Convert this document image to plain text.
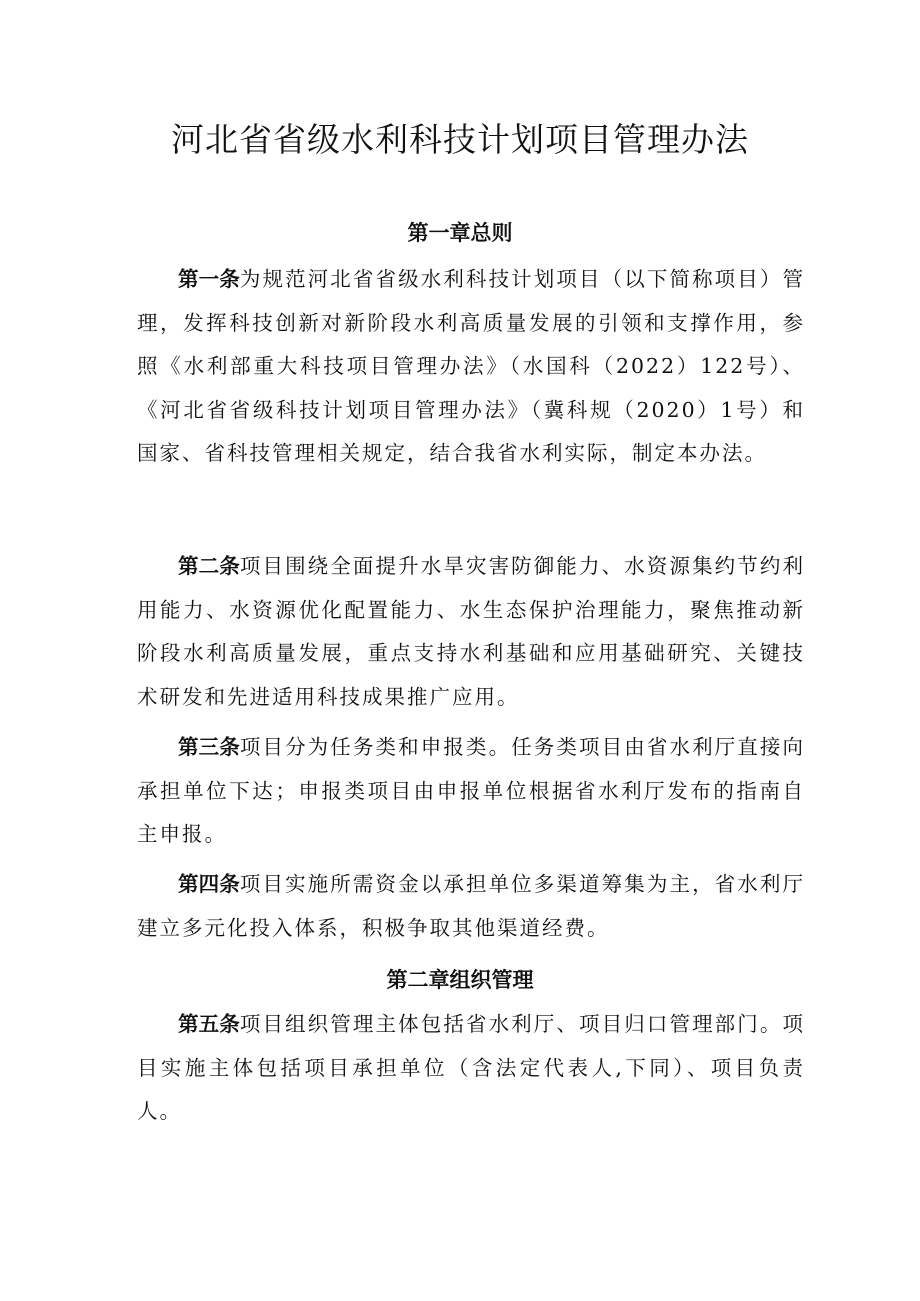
河北省省级水利科技计划项目管理办法
第一章总则

第一条为规范河北省省级水利科技计划项目（以下简称项目）管理，发挥科技创新对新阶段水利高质量发展的引领和支撑作用，参照《水利部重大科技项目管理办法》（水国科（2022）122号）、《河北省省级科技计划项目管理办法》（冀科规（2020）1号）和国家、省科技管理相关规定，结合我省水利实际，制定本办法。

第二条项目围绕全面提升水旱灾害防御能力、水资源集约节约利用能力、水资源优化配置能力、水生态保护治理能力，聚焦推动新阶段水利高质量发展，重点支持水利基础和应用基础研究、关键技术研发和先进适用科技成果推广应用。

第三条项目分为任务类和申报类。任务类项目由省水利厅直接向承担单位下达；申报类项目由申报单位根据省水利厅发布的指南自主申报。

第四条项目实施所需资金以承担单位多渠道筹集为主，省水利厅建立多元化投入体系，积极争取其他渠道经费。

第二章组织管理

第五条项目组织管理主体包括省水利厅、项目归口管理部门。项目实施主体包括项目承担单位（含法定代表人,下同）、项目负责人。
